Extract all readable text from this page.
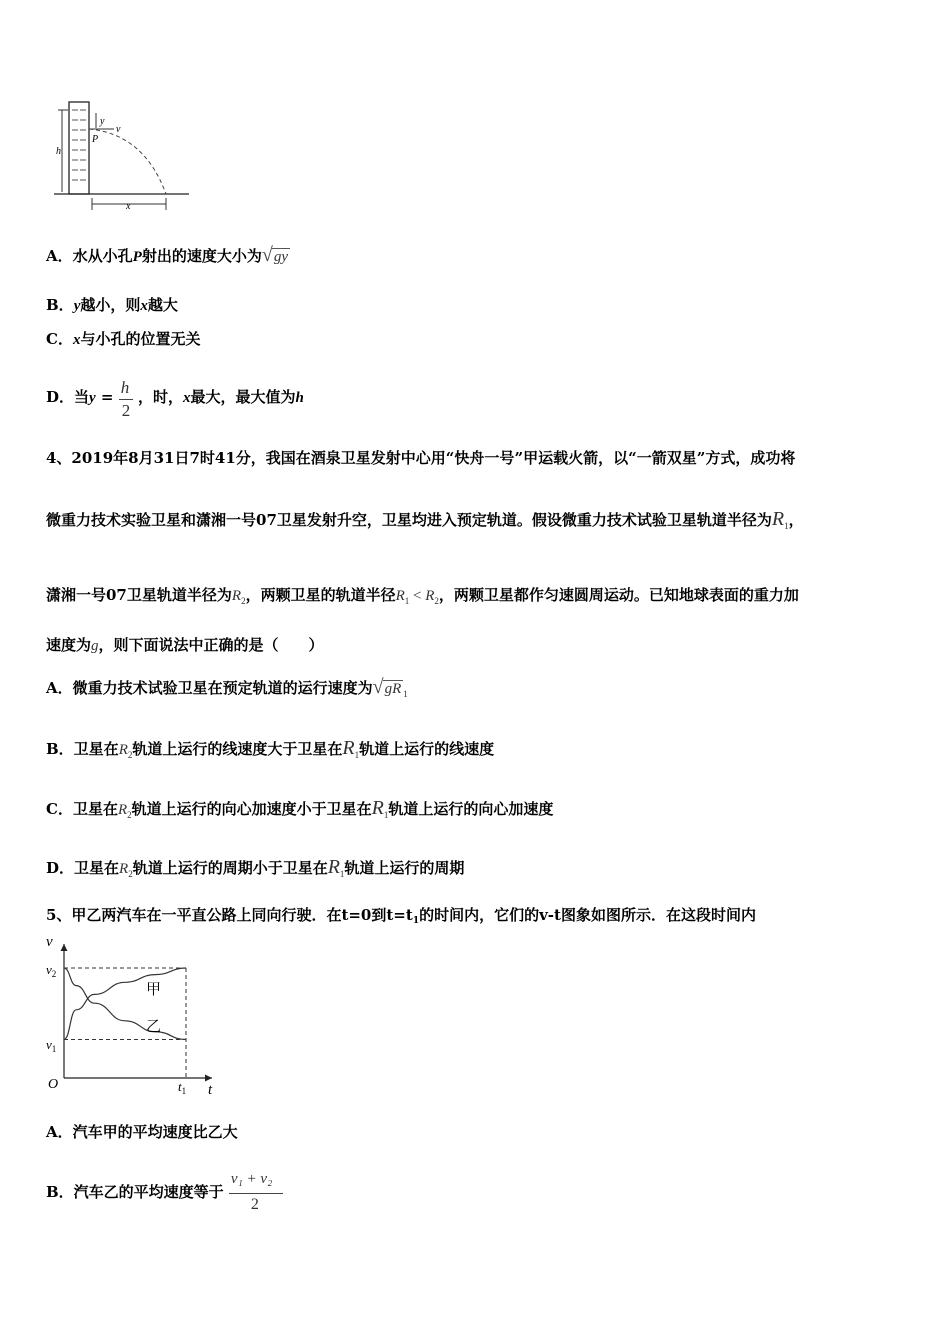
h
y
v
P
x
A．水从小孔P射出的速度大小为√gy
B．y越小，则x越大
C．x与小孔的位置无关
D．当y =
$\frac{h}{2}$
，时，x最大，最大值为h
4、2019年8月31日7时41分，我国在酒泉卫星发射中心用“快舟一号”甲运载火箭，以“一箭双星”方式，成功将
微重力技术实验卫星和潇湘一号07卫星发射升空，卫星均进入预定轨道。假设微重力技术试验卫星轨道半径为$R_1$，
潇湘一号07卫星轨道半径为$R_2$，两颗卫星的轨道半径$R_1 < R_2$，两颗卫星都作匀速圆周运动。已知地球表面的重力加
速度为g，则下面说法中正确的是（　　）
A．微重力技术试验卫星在预定轨道的运行速度为√gR $_1$
B．卫星在$R_2$轨道上运行的线速度大于卫星在$R_1$轨道上运行的线速度
C．卫星在$R_2$轨道上运行的向心加速度小于卫星在$R_1$轨道上运行的向心加速度
D．卫星在$R_2$轨道上运行的周期小于卫星在$R_1$轨道上运行的周期
5、甲乙两汽车在一平直公路上同向行驶．在t=0到$t=t_1$的时间内，它们的v-t图象如图所示．在这段时间内
v
O	t
$t_1$
$v_2$
$v_1$
甲
乙
A．汽车甲的平均速度比乙大
B．汽车乙的平均速度等于
$\frac{\text{v₁ + v₂}}{2}$
